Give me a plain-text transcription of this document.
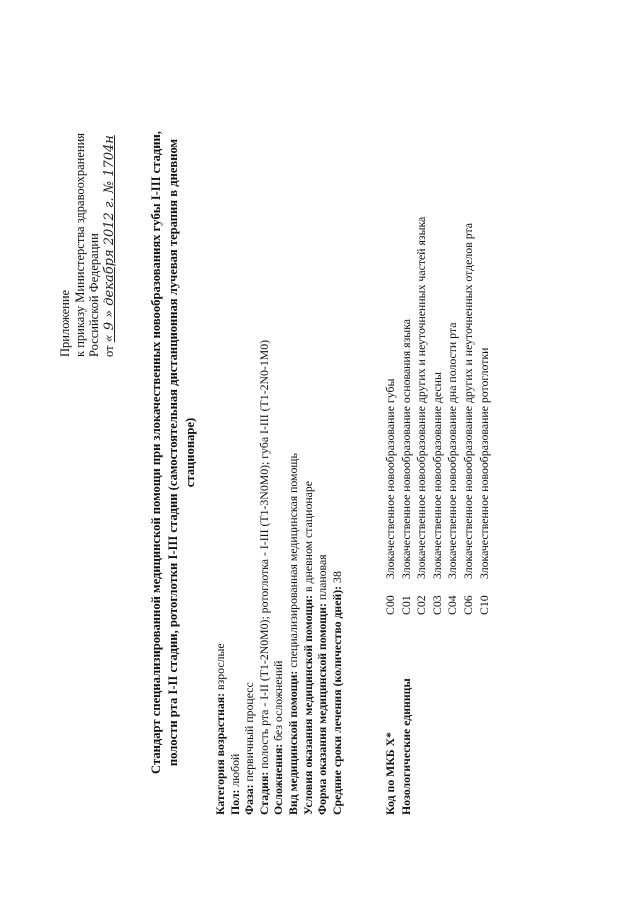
Приложение к приказу Министерства здравоохранения Российской Федерации от « 9 » декабря 2012 г. № 1704н	Стандарт специализированной медицинской помощи при злокачественных новообразованиях губы I-III стадии, полости рта I-II стадии, ротоглотки I-III стадии (самостоятельная дистанционная лучевая терапия в дневном стационаре)
Категория возрастная: взрослые
Пол: любой
Фаза: первичный процесс
Стадия: полость рта - I-II (T1-2N0M0); ротоглотка - I-III (T1-3N0M0); губа I-III (T1-2N0-1M0)
Осложнения: без осложнений Вид медицинской помощи: специализированная медицинская помощь
Условия оказания медицинской помощи: в дневном стационаре
Форма оказания медицинской помощи: плановая
Средние сроки лечения (количество дней): 38
Код по МКБ X* Нозологические единицы
C00 C01 C02 C03 C04 C06 C10
Злокачественное новообразование губы Злокачественное новообразование основания языка Злокачественное новообразование других и неуточненных частей языка Злокачественное новообразование десны Злокачественное новообразование дна полости рта Злокачественное новообразование других и неуточненных отделов рта Злокачественное новообразование ротоглотки
